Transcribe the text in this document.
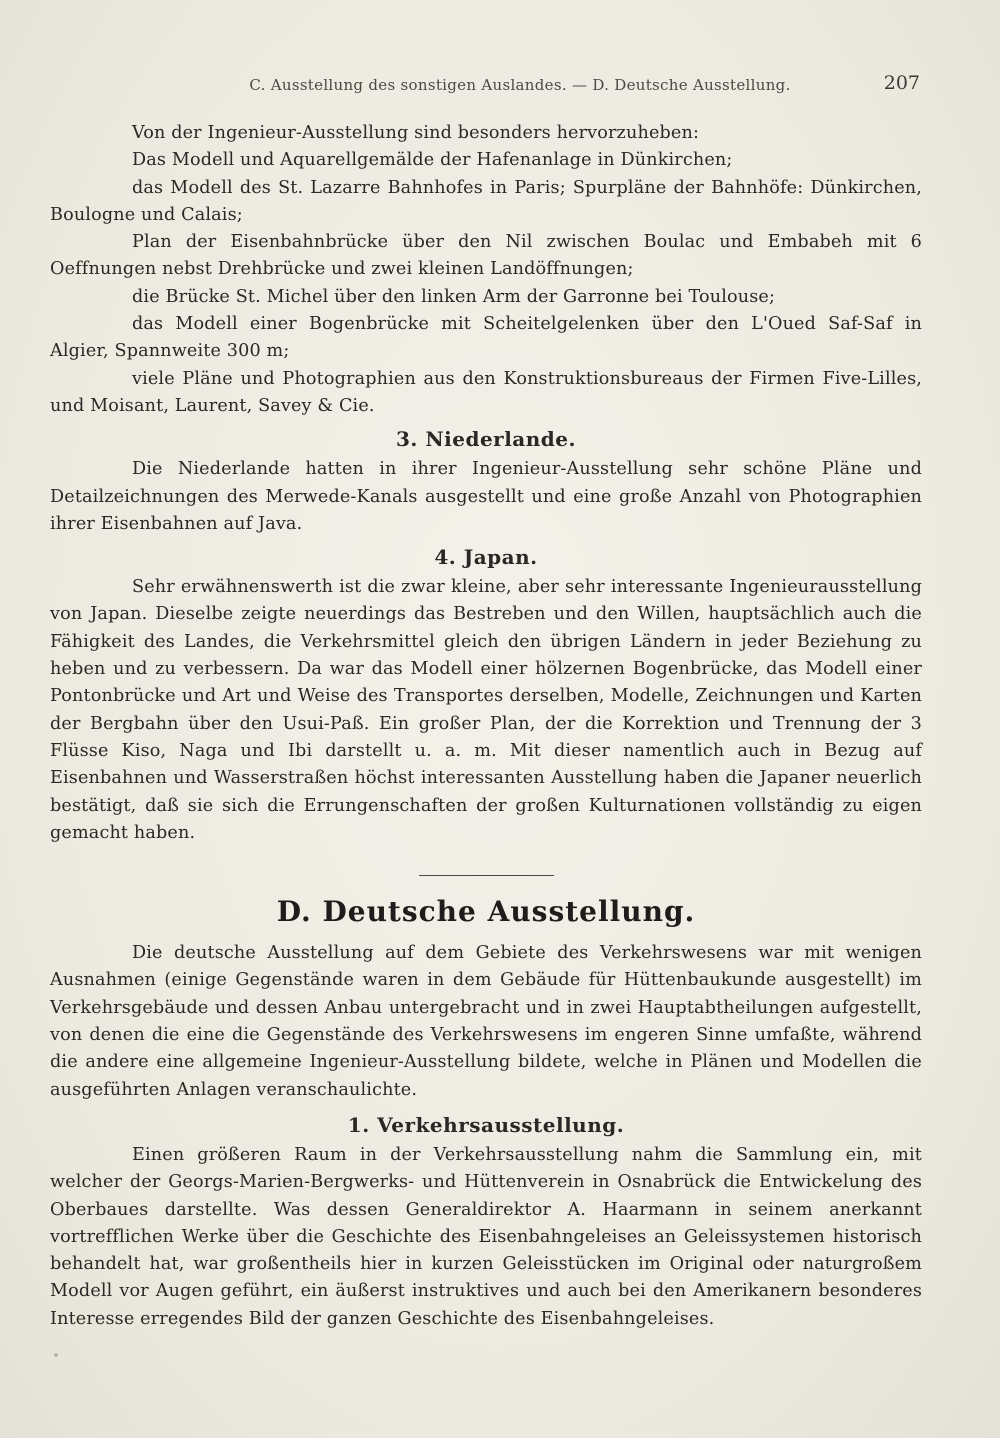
C. Ausstellung des sonstigen Auslandes. — D. Deutsche Ausstellung.	207

Von der Ingenieur-Ausstellung sind besonders hervorzuheben:

Das Modell und Aquarellgemälde der Hafenanlage in Dünkirchen;

das Modell des St. Lazarre Bahnhofes in Paris; Spurpläne der Bahnhöfe: Dünkirchen, Boulogne und Calais;

Plan der Eisenbahnbrücke über den Nil zwischen Boulac und Embabeh mit 6 Oeffnungen nebst Drehbrücke und zwei kleinen Landöffnungen;

die Brücke St. Michel über den linken Arm der Garronne bei Toulouse;

das Modell einer Bogenbrücke mit Scheitelgelenken über den L'Oued Saf-Saf in Algier, Spannweite 300 m;

viele Pläne und Photographien aus den Konstruktionsbureaus der Firmen Five-Lilles, und Moisant, Laurent, Savey & Cie.

3. Niederlande.

Die Niederlande hatten in ihrer Ingenieur-Ausstellung sehr schöne Pläne und Detailzeichnungen des Merwede-Kanals ausgestellt und eine große Anzahl von Photographien ihrer Eisenbahnen auf Java.

4. Japan.

Sehr erwähnenswerth ist die zwar kleine, aber sehr interessante Ingenieurausstellung von Japan. Dieselbe zeigte neuerdings das Bestreben und den Willen, hauptsächlich auch die Fähigkeit des Landes, die Verkehrsmittel gleich den übrigen Ländern in jeder Beziehung zu heben und zu verbessern. Da war das Modell einer hölzernen Bogenbrücke, das Modell einer Pontonbrücke und Art und Weise des Transportes derselben, Modelle, Zeichnungen und Karten der Bergbahn über den Usui-Paß. Ein großer Plan, der die Korrektion und Trennung der 3 Flüsse Kiso, Naga und Ibi darstellt u. a. m. Mit dieser namentlich auch in Bezug auf Eisenbahnen und Wasserstraßen höchst interessanten Ausstellung haben die Japaner neuerlich bestätigt, daß sie sich die Errungenschaften der großen Kulturnationen vollständig zu eigen gemacht haben.

D. Deutsche Ausstellung.

Die deutsche Ausstellung auf dem Gebiete des Verkehrswesens war mit wenigen Ausnahmen (einige Gegenstände waren in dem Gebäude für Hüttenbaukunde ausgestellt) im Verkehrsgebäude und dessen Anbau untergebracht und in zwei Hauptabtheilungen aufgestellt, von denen die eine die Gegenstände des Verkehrswesens im engeren Sinne umfaßte, während die andere eine allgemeine Ingenieur-Ausstellung bildete, welche in Plänen und Modellen die ausgeführten Anlagen veranschaulichte.

1. Verkehrsausstellung.

Einen größeren Raum in der Verkehrsausstellung nahm die Sammlung ein, mit welcher der Georgs-Marien-Bergwerks- und Hüttenverein in Osnabrück die Entwickelung des Oberbaues darstellte. Was dessen Generaldirektor A. Haarmann in seinem anerkannt vortrefflichen Werke über die Geschichte des Eisenbahngeleises an Geleissystemen historisch behandelt hat, war großentheils hier in kurzen Geleisstücken im Original oder naturgroßem Modell vor Augen geführt, ein äußerst instruktives und auch bei den Amerikanern besonderes Interesse erregendes Bild der ganzen Geschichte des Eisenbahngeleises.
